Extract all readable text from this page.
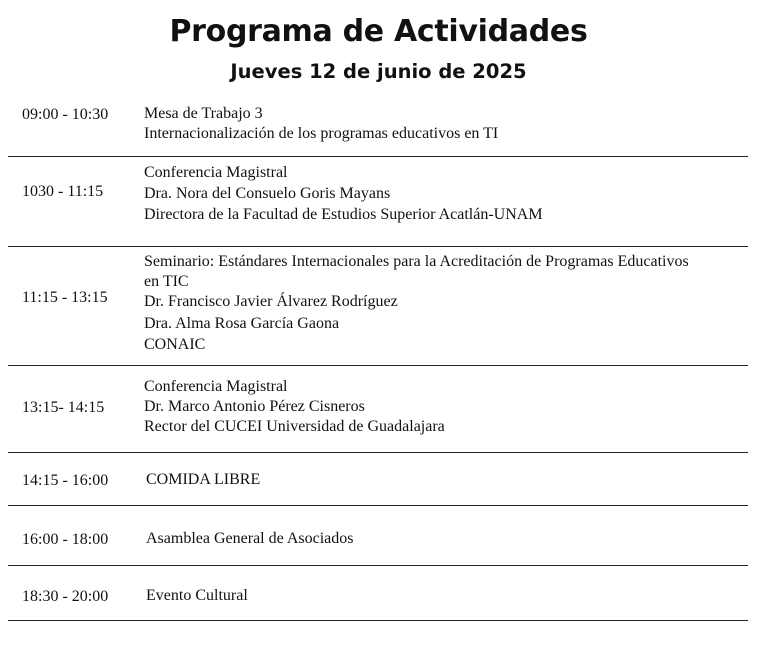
Programa de Actividades
Jueves 12 de junio de 2025
09:00 - 10:30 Mesa de Trabajo 3
Internacionalización de los programas educativos en TI
1030 - 11:15
Conferencia Magistral
Dra. Nora del Consuelo Goris Mayans
Directora de la Facultad de Estudios Superior Acatlán-UNAM
11:15 - 13:15
Seminario: Estándares Internacionales para la Acreditación de Programas Educativos en TIC
Dr. Francisco Javier Álvarez Rodríguez
Dra. Alma Rosa García Gaona
CONAIC
13:15- 14:15
Conferencia Magistral
Dr. Marco Antonio Pérez Cisneros
Rector del CUCEI Universidad de Guadalajara
14:15 - 16:00 COMIDA LIBRE
16:00 - 18:00 Asamblea General de Asociados
18:30 - 20:00 Evento Cultural
